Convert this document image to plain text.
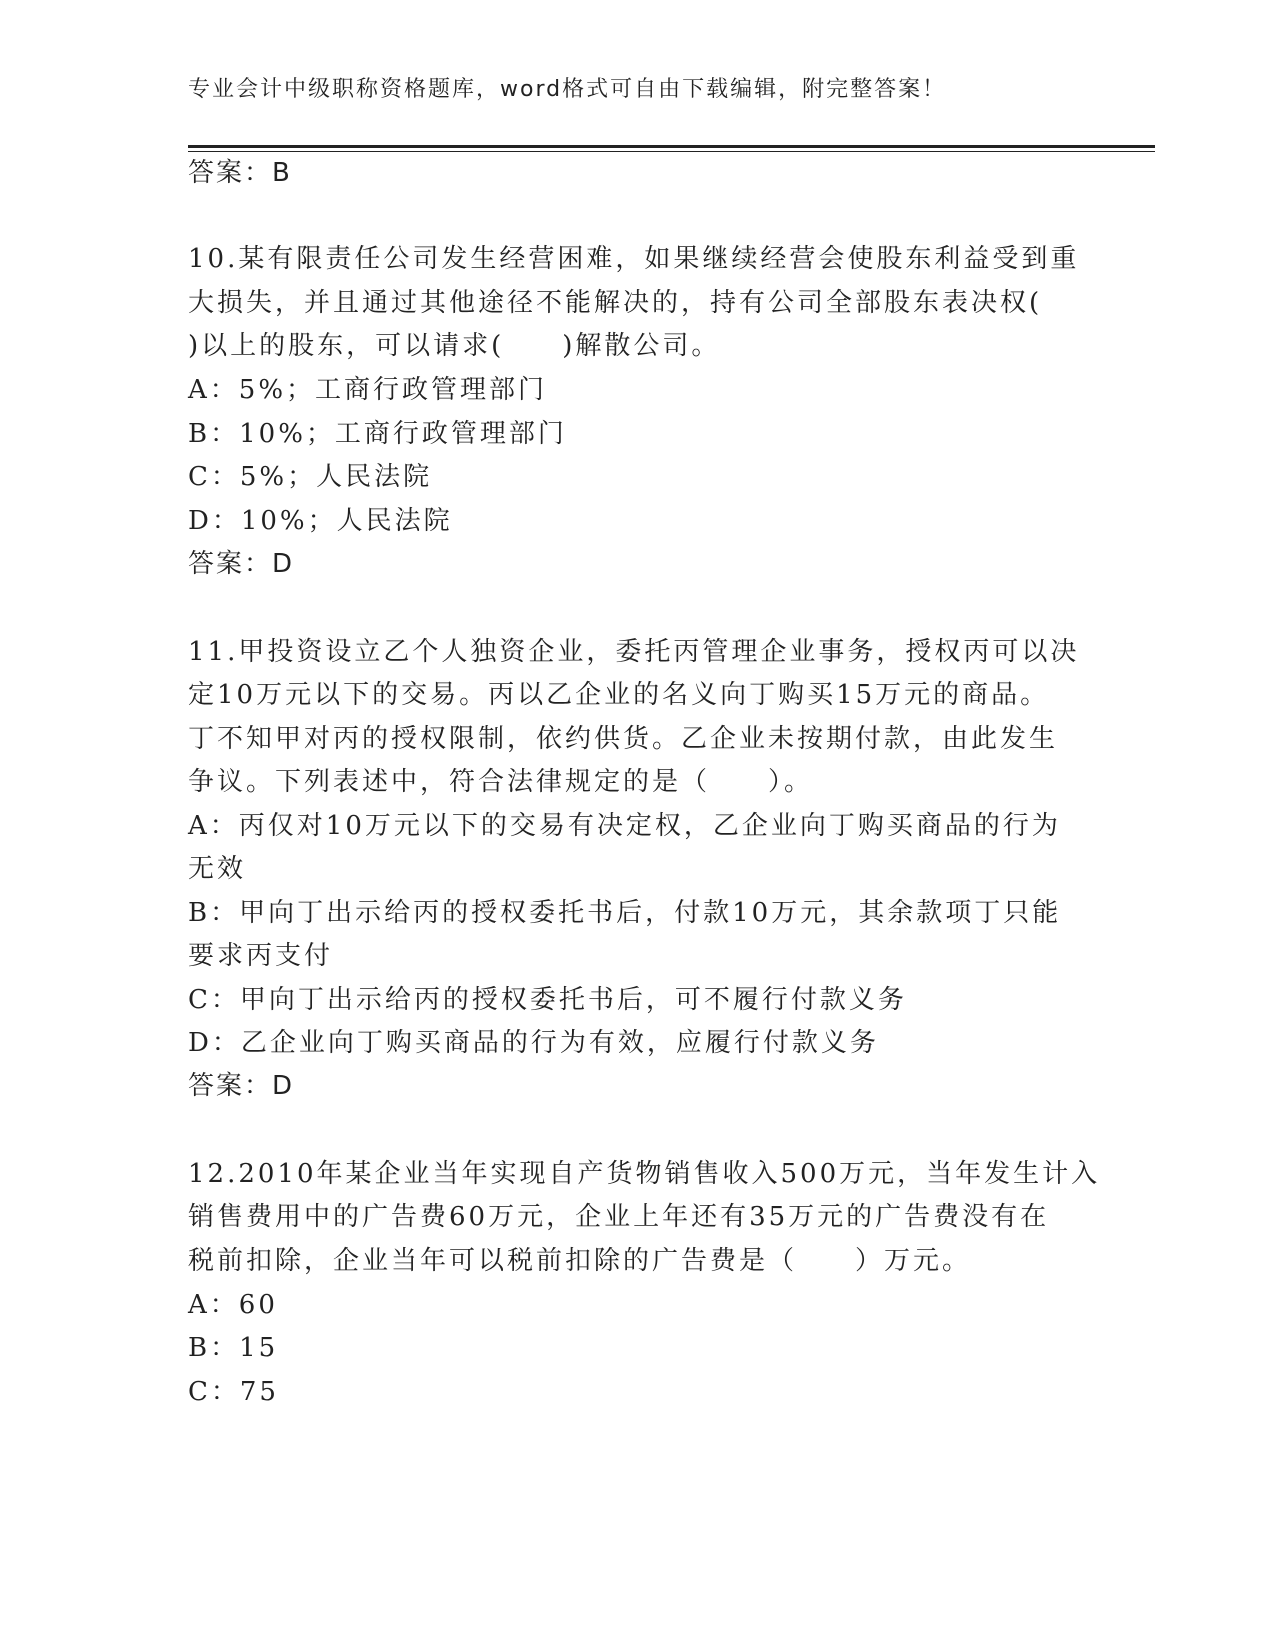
专业会计中级职称资格题库，word格式可自由下载编辑，附完整答案！
答案：B
10.某有限责任公司发生经营困难，如果继续经营会使股东利益受到重
大损失，并且通过其他途径不能解决的，持有公司全部股东表决权(
)以上的股东，可以请求(　　)解散公司。
A：5%；工商行政管理部门
B：10%；工商行政管理部门
C：5%；人民法院
D：10%；人民法院
答案：D
11.甲投资设立乙个人独资企业，委托丙管理企业事务，授权丙可以决
定10万元以下的交易。丙以乙企业的名义向丁购买15万元的商品。
丁不知甲对丙的授权限制，依约供货。乙企业未按期付款，由此发生
争议。下列表述中，符合法律规定的是（　　）。
A：丙仅对10万元以下的交易有决定权，乙企业向丁购买商品的行为
无效
B：甲向丁出示给丙的授权委托书后，付款10万元，其余款项丁只能
要求丙支付
C：甲向丁出示给丙的授权委托书后，可不履行付款义务
D：乙企业向丁购买商品的行为有效，应履行付款义务
答案：D
12.2010年某企业当年实现自产货物销售收入500万元，当年发生计入
销售费用中的广告费60万元，企业上年还有35万元的广告费没有在
税前扣除，企业当年可以税前扣除的广告费是（　　）万元。
A：60
B：15
C：75
